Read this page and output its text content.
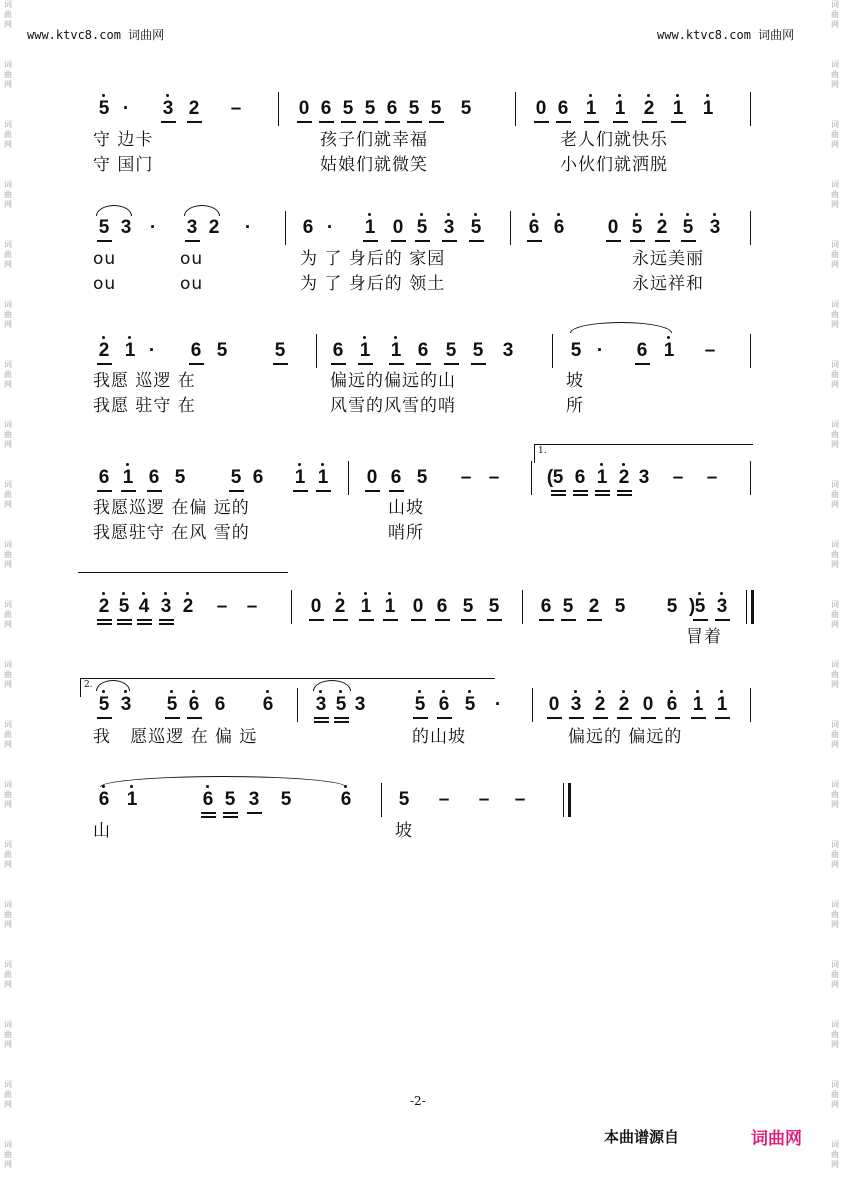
词
曲
网
词
曲
网
词
曲
网
词
曲
网
词
曲
网
词
曲
网
词
曲
网
词
曲
网
词
曲
网
词
曲
网
词
曲
网
词
曲
网
词
曲
网
词
曲
网
词
曲
网
词
曲
网
词
曲
网
词
曲
网
词
曲
网
词
曲
网
词
曲
网
词
曲
网
词
曲
网
词
曲
网
词
曲
网
词
曲
网
词
曲
网
词
曲
网
词
曲
网
词
曲
网
词
曲
网
词
曲
网
词
曲
网
词
曲
网
词
曲
网
词
曲
网
词
曲
网
词
曲
网
词
曲
网
词
曲
网
www.ktvc8.com 词曲网	www.ktvc8.com 词曲网
5 · 3 2 –	0 6 5 5 6 5 5 5	0 6 1 1 2 1 1
5 3 · 3 2 ·	6 · 1 0 5 3 5 6 6 0 5 2 5 3
2 1 · 6 5 5 6 1 1 6 5 5 3	5 · 6 1 –
6 1 6 5 5 6 1 1 0 6 5 – –	( 5 6 1 2 3 – –
2 5 4 3 2 – –	0 2 1 1 0 6 5 5 6 5 2 5 5 ) 5 3
5 3 5 6 6 6 3 5 3	5 6 5 ·	0 3 2 2 0 6 1 1
6 1	6 5 3 5	6 5 – – –
守 边卡	孩子们就幸福	老人们就快乐
守 国门	姑娘们就微笑	小伙们就洒脱
ou	ou	为 了 身后的 家园	永远美丽
ou	ou	为 了 身后的 领土	永远祥和
我愿 巡逻 在	偏远的偏远的山	坡
我愿 驻守 在	风雪的风雪的哨	所
我愿巡逻 在偏 远的	山坡
我愿驻守 在风 雪的	哨所
冒着
我   愿巡逻 在 偏 远	的山坡	偏远的 偏远的
山	坡
1.
2.
-2-
本曲谱源自	词曲网
